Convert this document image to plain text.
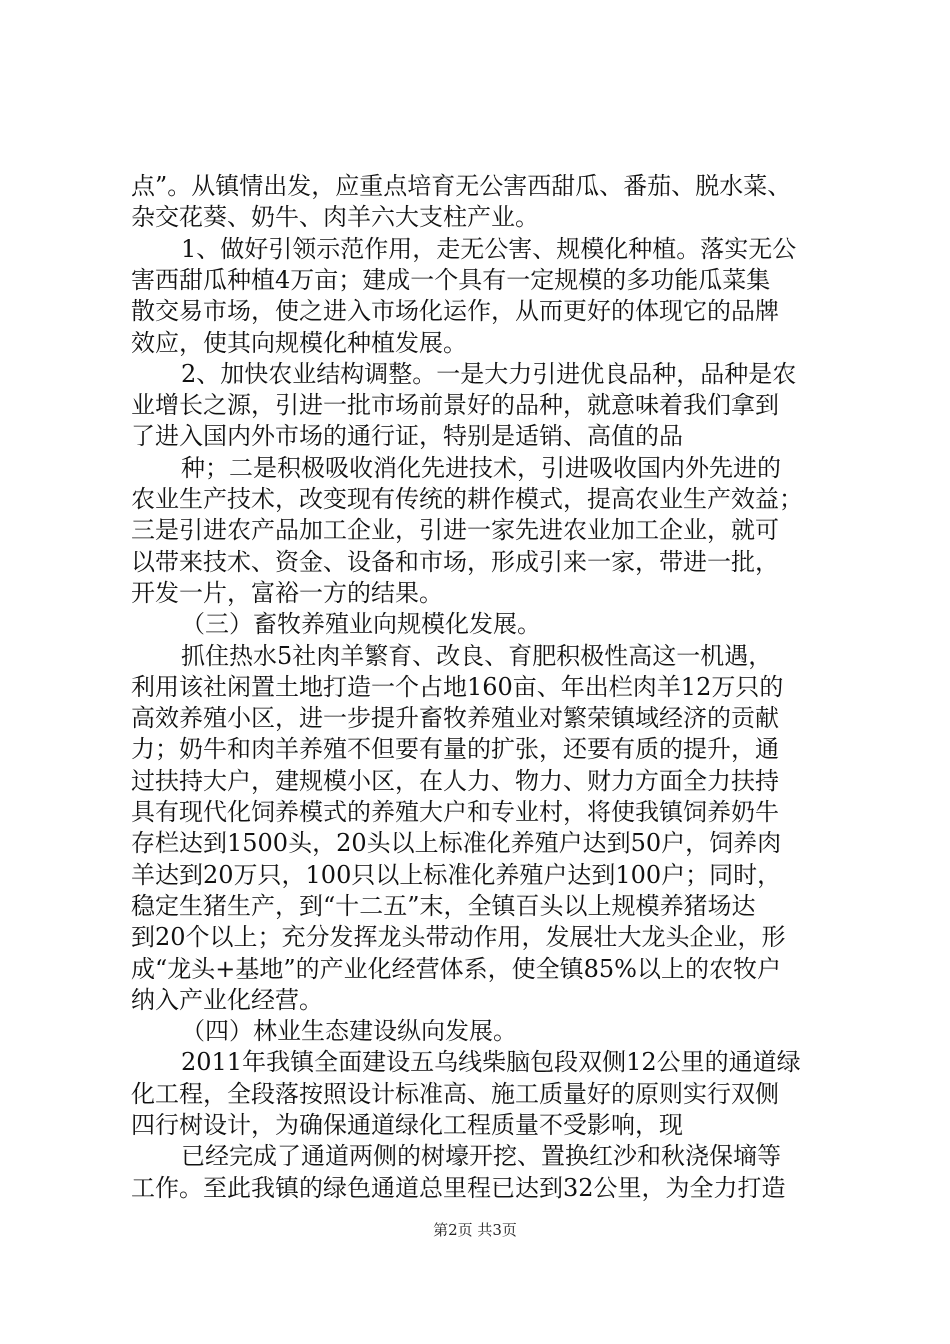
点”。从镇情出发，应重点培育无公害西甜瓜、番茄、脱水菜、

杂交花葵、奶牛、肉羊六大支柱产业。

1、做好引领示范作用，走无公害、规模化种植。落实无公

害西甜瓜种植4万亩；建成一个具有一定规模的多功能瓜菜集

散交易市场，使之进入市场化运作，从而更好的体现它的品牌

效应，使其向规模化种植发展。

2、加快农业结构调整。一是大力引进优良品种，品种是农

业增长之源，引进一批市场前景好的品种，就意味着我们拿到

了进入国内外市场的通行证，特别是适销、高值的品

种；二是积极吸收消化先进技术，引进吸收国内外先进的

农业生产技术，改变现有传统的耕作模式，提高农业生产效益；

三是引进农产品加工企业，引进一家先进农业加工企业，就可

以带来技术、资金、设备和市场，形成引来一家，带进一批，

开发一片，富裕一方的结果。

（三）畜牧养殖业向规模化发展。

抓住热水5社肉羊繁育、改良、育肥积极性高这一机遇，

利用该社闲置土地打造一个占地160亩、年出栏肉羊12万只的

高效养殖小区，进一步提升畜牧养殖业对繁荣镇域经济的贡献

力；奶牛和肉羊养殖不但要有量的扩张，还要有质的提升，通

过扶持大户，建规模小区，在人力、物力、财力方面全力扶持

具有现代化饲养模式的养殖大户和专业村，将使我镇饲养奶牛

存栏达到1500头，20头以上标准化养殖户达到50户，饲养肉

羊达到20万只，100只以上标准化养殖户达到100户；同时，

稳定生猪生产，到“十二五”末，全镇百头以上规模养猪场达

到20个以上；充分发挥龙头带动作用，发展壮大龙头企业，形

成“龙头+基地”的产业化经营体系，使全镇85%以上的农牧户

纳入产业化经营。

（四）林业生态建设纵向发展。

2011年我镇全面建设五乌线柴脑包段双侧12公里的通道绿

化工程，全段落按照设计标准高、施工质量好的原则实行双侧

四行树设计，为确保通道绿化工程质量不受影响，现

已经完成了通道两侧的树壕开挖、置换红沙和秋浇保墒等

工作。至此我镇的绿色通道总里程已达到32公里，为全力打造

第2页 共3页
